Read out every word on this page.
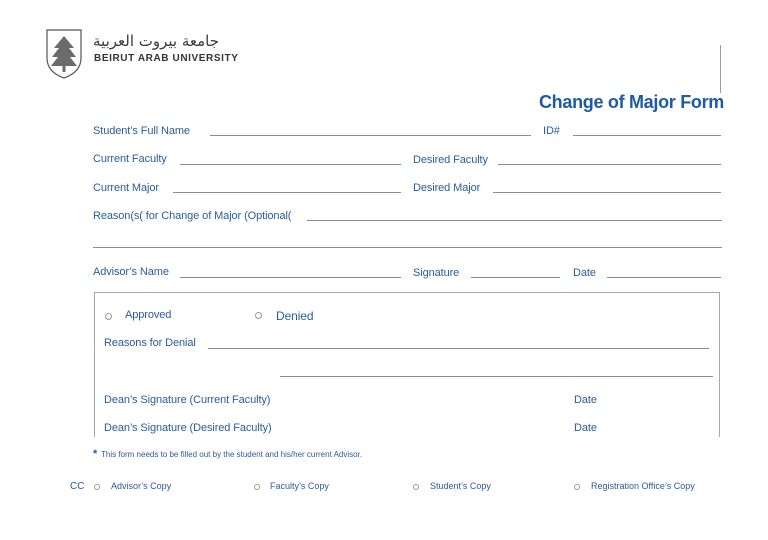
جامعة بيروت العربية
BEIRUT ARAB UNIVERSITY
Change of Major Form
Student’s Full Name	ID#
Current Faculty	Desired Faculty
Current Major	Desired Major
Reason(s( for Change of Major (Optional(
Advisor’s Name	Signature	Date
Approved	Denied
Reasons for Denial
Dean’s Signature (Current Faculty)	Date
Dean’s Signature (Desired Faculty)	Date
* This form needs to be filled out by the student and his/her current Advisor.
CC	Advisor’s Copy	Faculty’s Copy	Student’s Copy	Registration Office’s Copy
